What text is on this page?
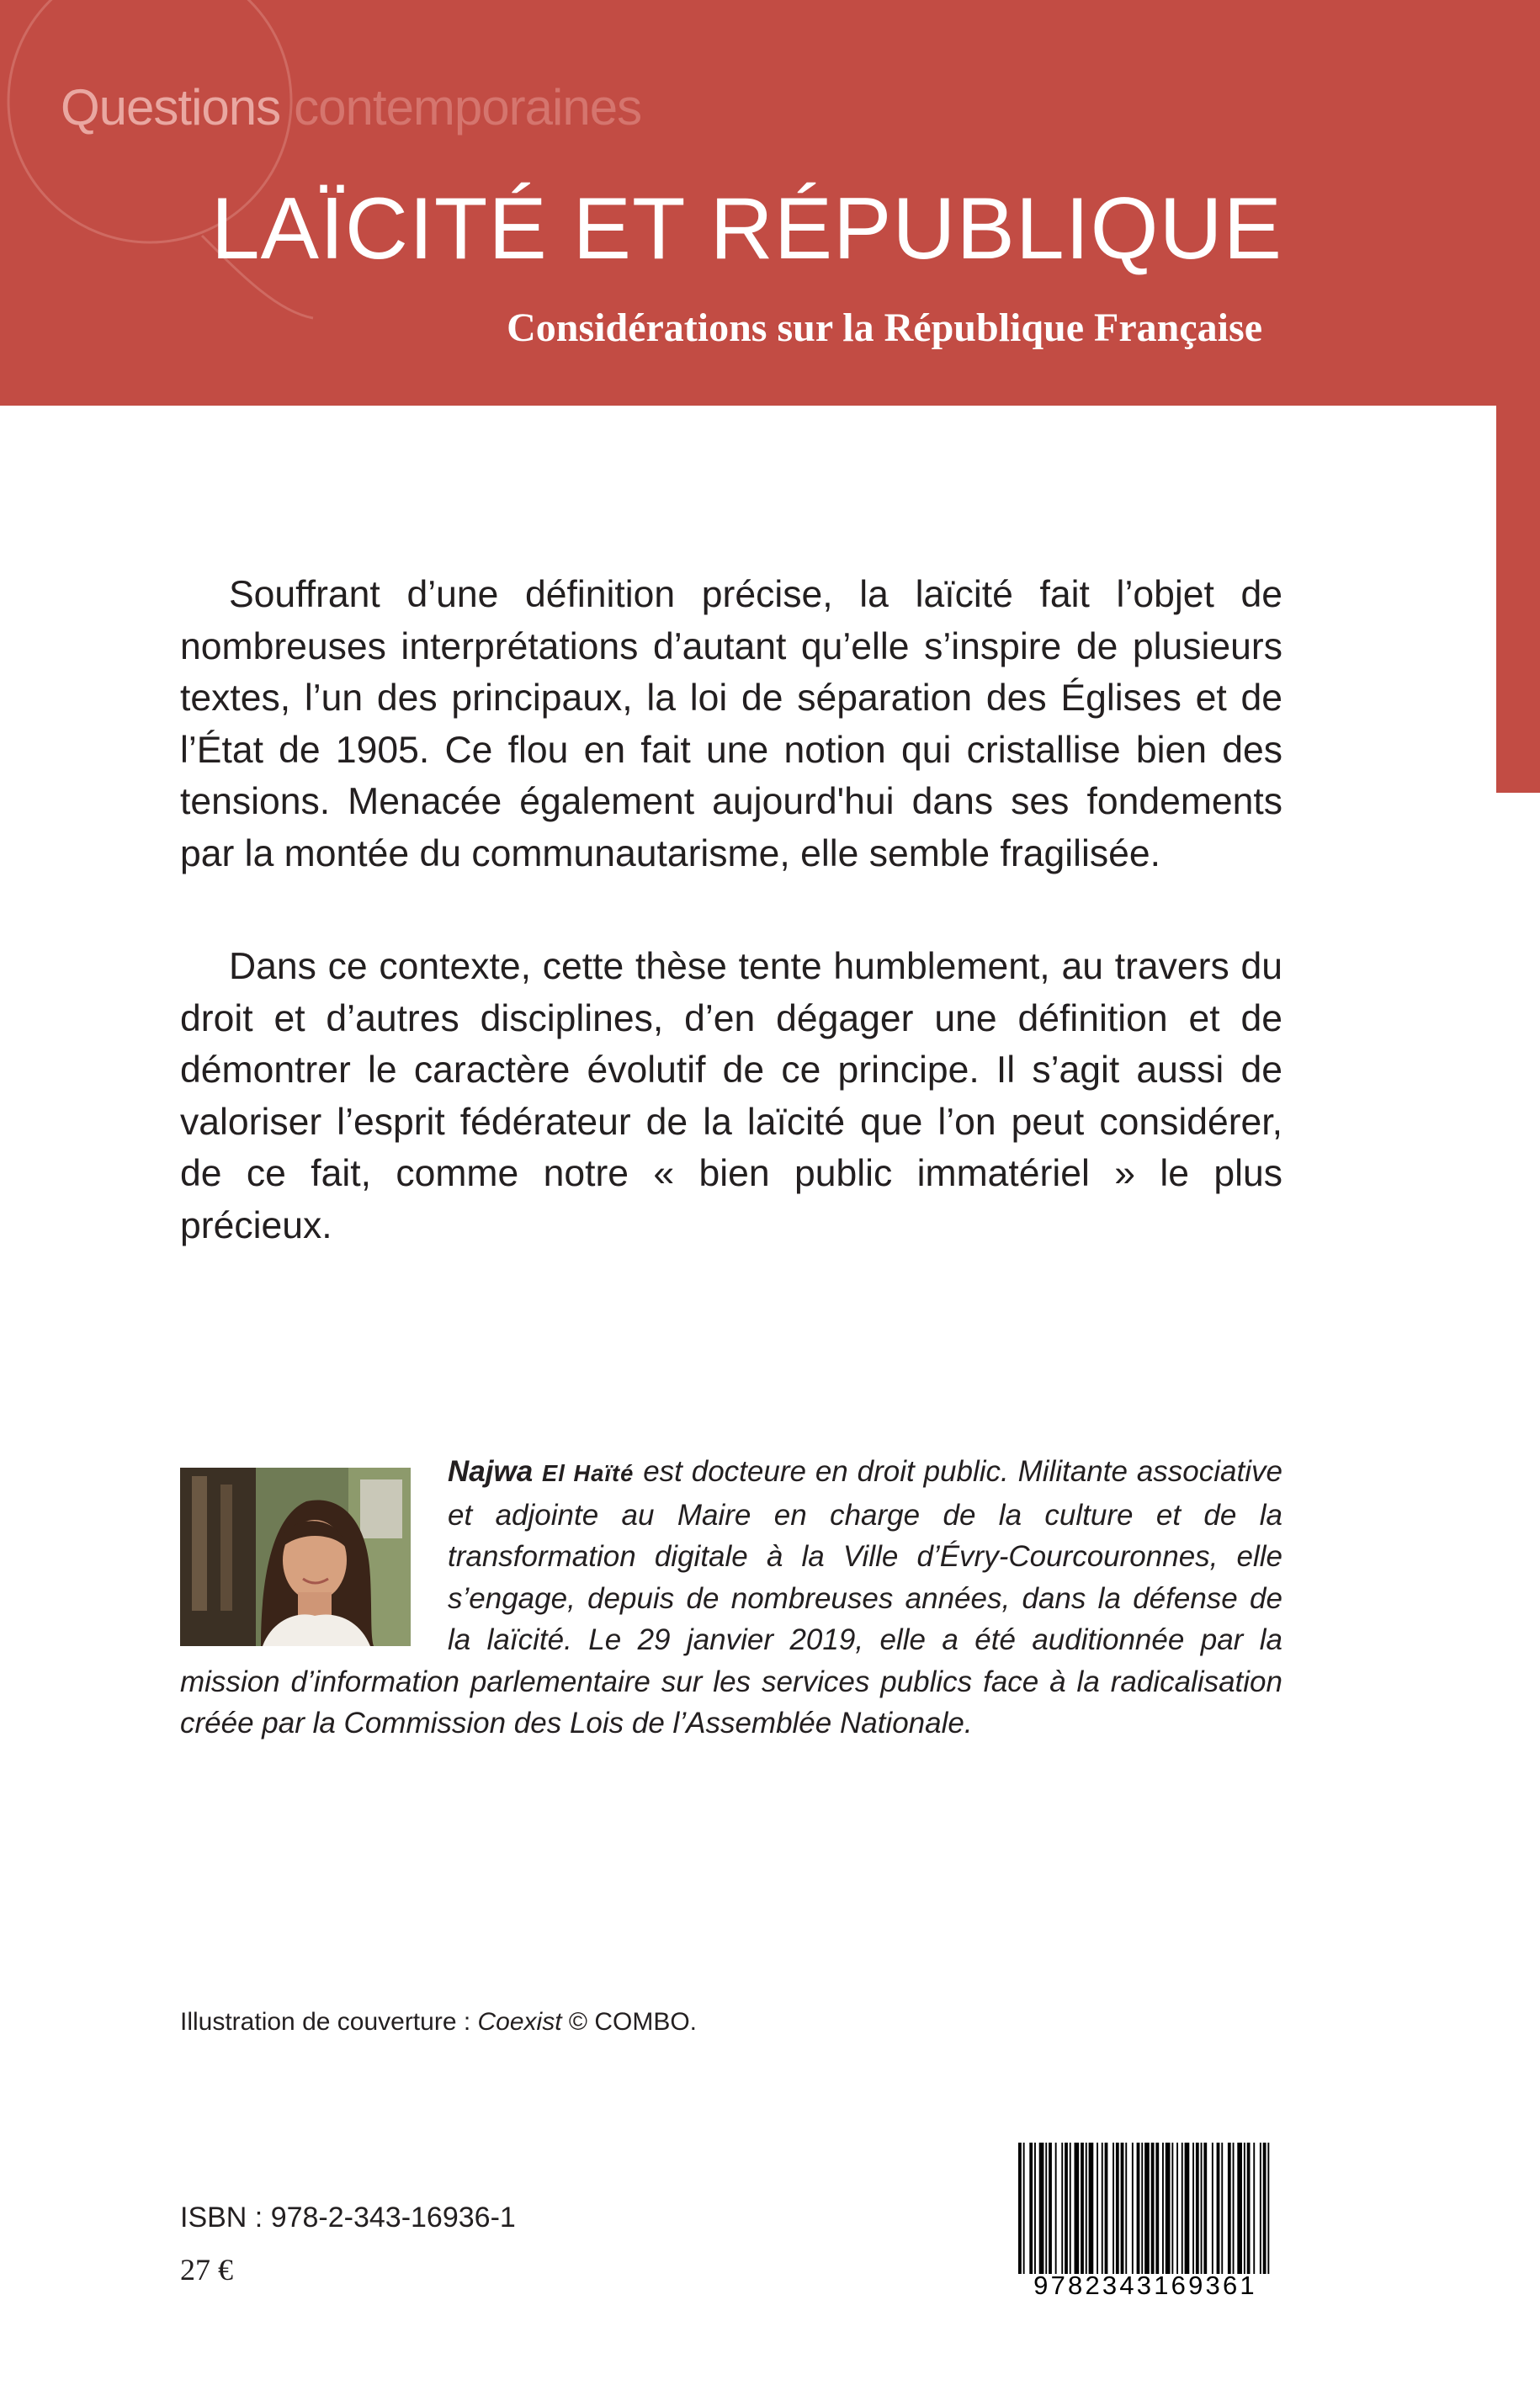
Questions contemporaines
LAÏCITÉ ET RÉPUBLIQUE
Considérations sur la République Française

Souffrant d’une définition précise, la laïcité fait l’objet de nombreuses interprétations d’autant qu’elle s’inspire de plusieurs textes, l’un des principaux, la loi de séparation des Églises et de l’État de 1905. Ce flou en fait une notion qui cristallise bien des tensions. Menacée également aujourd'hui dans ses fondements par la montée du communautarisme, elle semble fragilisée.

Dans ce contexte, cette thèse tente humblement, au travers du droit et d’autres disciplines, d’en dégager une définition et de démontrer le caractère évolutif de ce principe. Il s’agit aussi de valoriser l’esprit fédérateur de la laïcité que l’on peut considérer, de ce fait, comme notre « bien public immatériel » le plus précieux.

Najwa El Haïté est docteure en droit public. Militante associative et adjointe au Maire en charge de la culture et de la transformation digitale à la Ville d’Évry-Courcouronnes, elle s’engage, depuis de nombreuses années, dans la défense de la laïcité. Le 29 janvier 2019, elle a été auditionnée par la mission d’information parlementaire sur les services publics face à la radicalisation créée par la Commission des Lois de l’Assemblée Nationale.

Illustration de couverture : Coexist © COMBO.
ISBN : 978-2-343-16936-1
27 €	9782343169361
